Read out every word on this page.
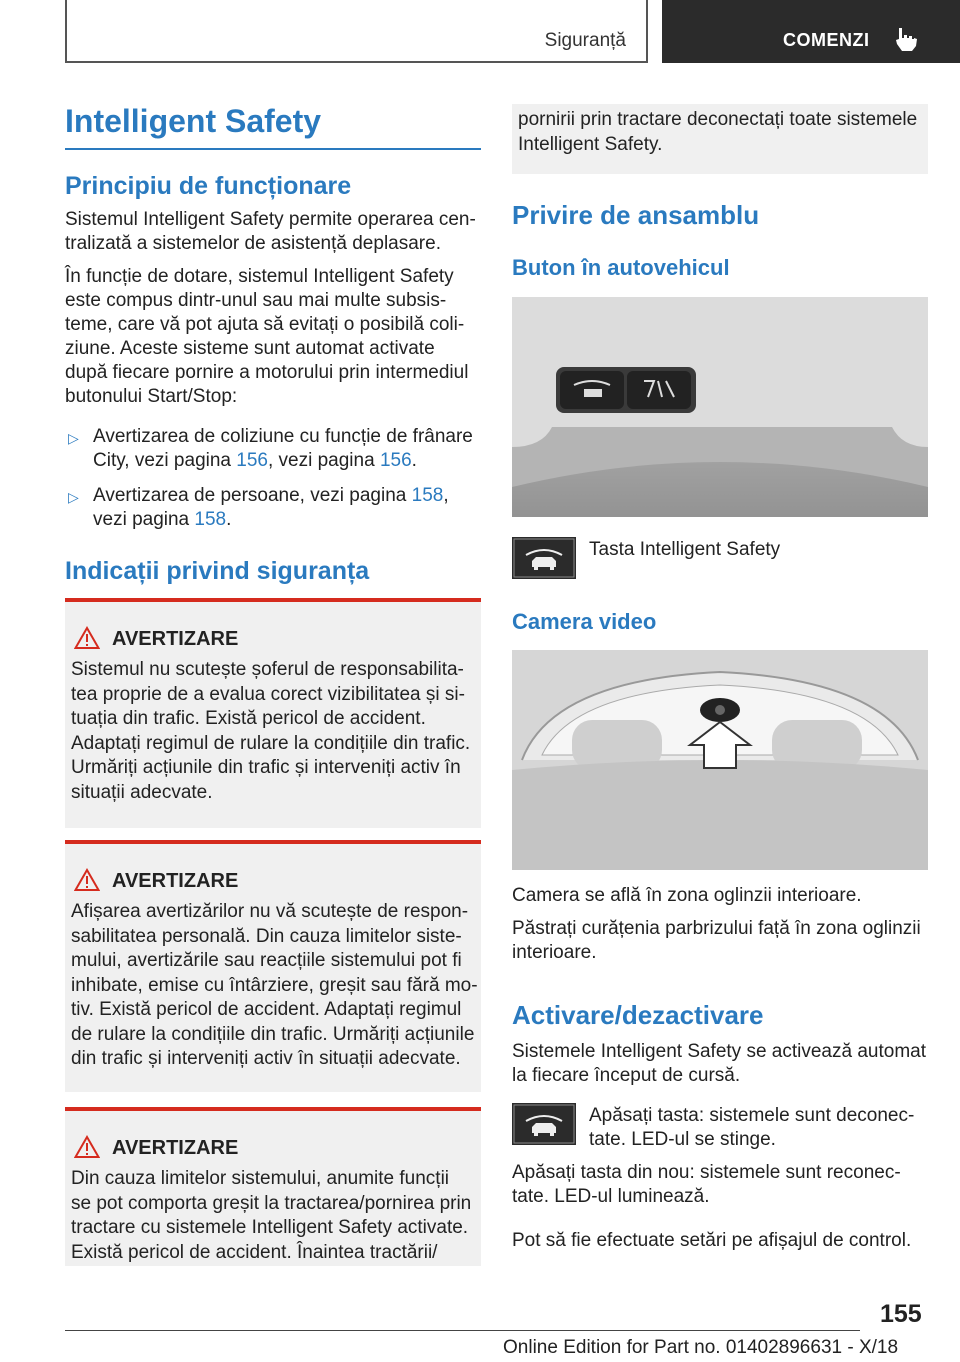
Siguranță	COMENZI
Intelligent Safety
Principiu de funcționare
Sistemul Intelligent Safety permite operarea cen-
tralizată a sistemelor de asistență deplasare.
În funcție de dotare, sistemul Intelligent Safety
este compus dintr-unul sau mai multe subsis-
teme, care vă pot ajuta să evitați o posibilă coli-
ziune. Aceste sisteme sunt automat activate
după fiecare pornire a motorului prin intermediul
butonului Start/Stop:
▷ Avertizarea de coliziune cu funcție de frânare
City, vezi pagina 156, vezi pagina 156.
▷ Avertizarea de persoane, vezi pagina 158,
vezi pagina 158.
Indicații privind siguranța
AVERTIZARE
Sistemul nu scutește șoferul de responsabilita-
tea proprie de a evalua corect vizibilitatea și si-
tuația din trafic. Există pericol de accident.
Adaptați regimul de rulare la condițiile din trafic.
Urmăriți acțiunile din trafic și interveniți activ în
situații adecvate.
AVERTIZARE
Afișarea avertizărilor nu vă scutește de respon-
sabilitatea personală. Din cauza limitelor siste-
mului, avertizările sau reacțiile sistemului pot fi
inhibate, emise cu întârziere, greșit sau fără mo-
tiv. Există pericol de accident. Adaptați regimul
de rulare la condițiile din trafic. Urmăriți acțiunile
din trafic și interveniți activ în situații adecvate.
AVERTIZARE
Din cauza limitelor sistemului, anumite funcții
se pot comporta greșit la tractarea/pornirea prin
tractare cu sistemele Intelligent Safety activate.
Există pericol de accident. Înaintea tractării/
pornirii prin tractare deconectați toate sistemele
Intelligent Safety.
Privire de ansamblu
Buton în autovehicul
Tasta Intelligent Safety
Camera video
Camera se află în zona oglinzii interioare.
Păstrați curățenia parbrizului față în zona oglinzii
interioare.
Activare/dezactivare
Sistemele Intelligent Safety se activează automat
la fiecare început de cursă.
Apăsați tasta: sistemele sunt deconec-
tate. LED-ul se stinge.
Apăsați tasta din nou: sistemele sunt reconec-
tate. LED-ul luminează.
Pot să fie efectuate setări pe afișajul de control.
155
Online Edition for Part no. 01402896631 - X/18
